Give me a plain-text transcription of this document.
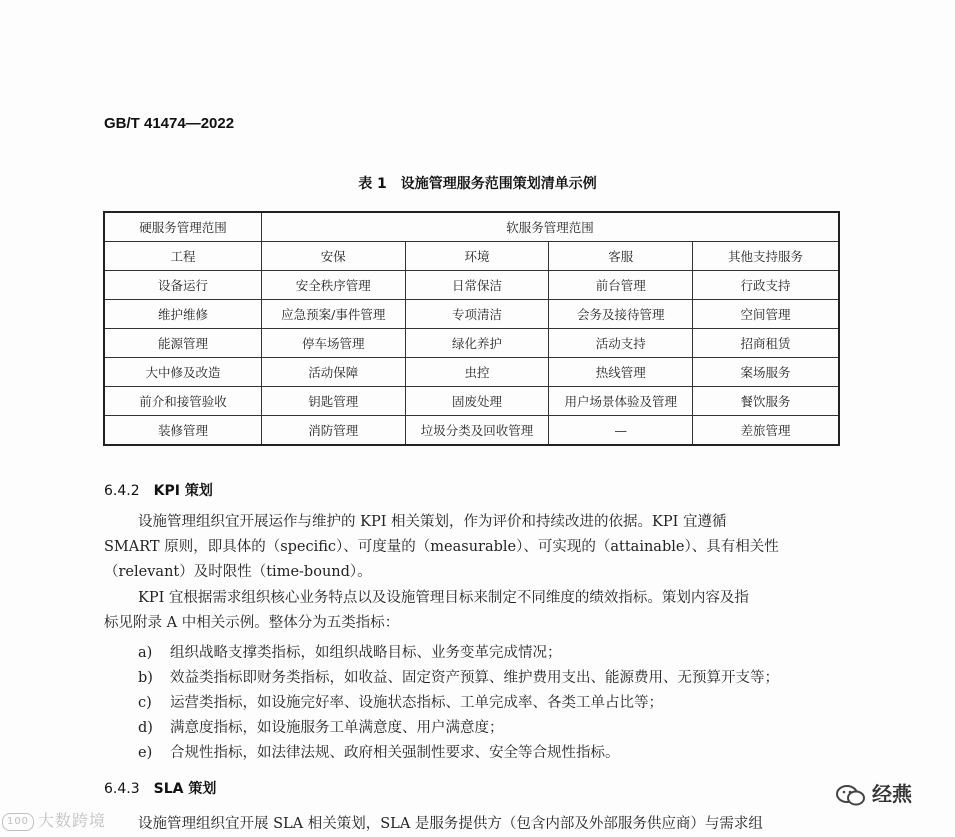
GB/T 41474—2022
表 1　设施管理服务范围策划清单示例
硬服务管理范围	软服务管理范围			
工程	安保	环境	客服	其他支持服务
设备运行	安全秩序管理	日常保洁	前台管理	行政支持
维护维修	应急预案/事件管理	专项清洁	会务及接待管理	空间管理
能源管理	停车场管理	绿化养护	活动支持	招商租赁
大中修及改造	活动保障	虫控	热线管理	案场服务
前介和接管验收	钥匙管理	固废处理	用户场景体验及管理	餐饮服务
装修管理	消防管理	垃圾分类及回收管理	—	差旅管理
6.4.2 KPI 策划
设施管理组织宜开展运作与维护的 KPI 相关策划，作为评价和持续改进的依据。KPI 宜遵循
SMART 原则，即具体的（specific）、可度量的（measurable）、可实现的（attainable）、具有相关性
（relevant）及时限性（time-bound）。
KPI 宜根据需求组织核心业务特点以及设施管理目标来制定不同维度的绩效指标。策划内容及指
标见附录 A 中相关示例。整体分为五类指标：
a) 组织战略支撑类指标，如组织战略目标、业务变革完成情况；
b) 效益类指标即财务类指标，如收益、固定资产预算、维护费用支出、能源费用、无预算开支等；
c) 运营类指标，如设施完好率、设施状态指标、工单完成率、各类工单占比等；
d) 满意度指标，如设施服务工单满意度、用户满意度；
e) 合规性指标，如法律法规、政府相关强制性要求、安全等合规性指标。
6.4.3 SLA 策划
设施管理组织宜开展 SLA 相关策划，SLA 是服务提供方（包含内部及外部服务供应商）与需求组
100 大数跨境
经燕
